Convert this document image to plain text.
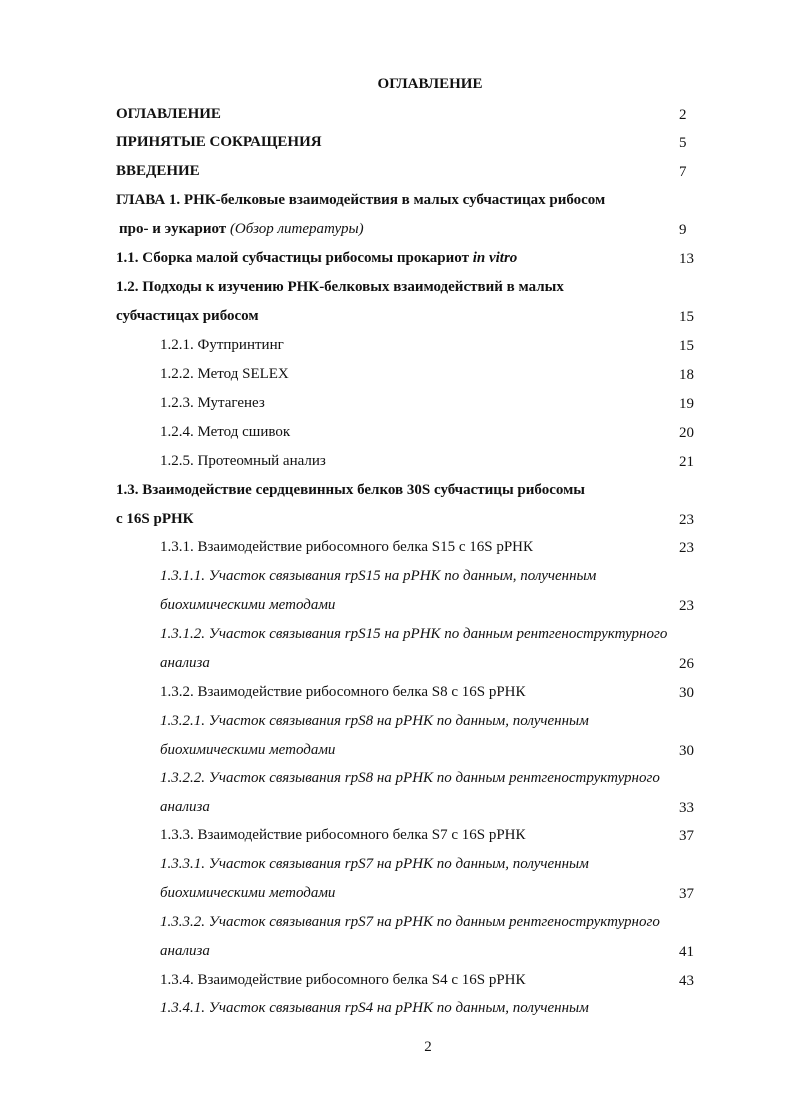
ОГЛАВЛЕНИЕ
ОГЛАВЛЕНИЕ	2
ПРИНЯТЫЕ СОКРАЩЕНИЯ	5
ВВЕДЕНИЕ	7
ГЛАВА 1. РНК-белковые взаимодействия в малых субчастицах рибосом
про- и эукариот (Обзор литературы)	9
1.1. Сборка малой субчастицы рибосомы прокариот in vitro	13
1.2. Подходы к изучению РНК-белковых взаимодействий в малых
субчастицах рибосом	15
1.2.1. Футпринтинг	15
1.2.2. Метод SELEX	18
1.2.3. Мутагенез	19
1.2.4. Метод сшивок	20
1.2.5. Протеомный анализ	21
1.3. Взаимодействие сердцевинных белков 30S субчастицы рибосомы
с 16S рРНК	23
1.3.1. Взаимодействие рибосомного белка S15 с 16S рРНК	23
1.3.1.1. Участок связывания rpS15 на рРНК по данным, полученным
биохимическими методами	23
1.3.1.2. Участок связывания rpS15 на рРНК по данным рентгеноструктурного
анализа	26
1.3.2. Взаимодействие рибосомного белка S8 с 16S рРНК	30
1.3.2.1. Участок связывания rpS8 на рРНК по данным, полученным
биохимическими методами	30
1.3.2.2. Участок связывания rpS8 на рРНК по данным рентгеноструктурного
анализа	33
1.3.3. Взаимодействие рибосомного белка S7 с 16S рРНК	37
1.3.3.1. Участок связывания rpS7 на рРНК по данным, полученным
биохимическими методами	37
1.3.3.2. Участок связывания rpS7 на рРНК по данным рентгеноструктурного
анализа	41
1.3.4. Взаимодействие рибосомного белка S4 с 16S рРНК	43
1.3.4.1. Участок связывания rpS4 на рРНК по данным, полученным
2
